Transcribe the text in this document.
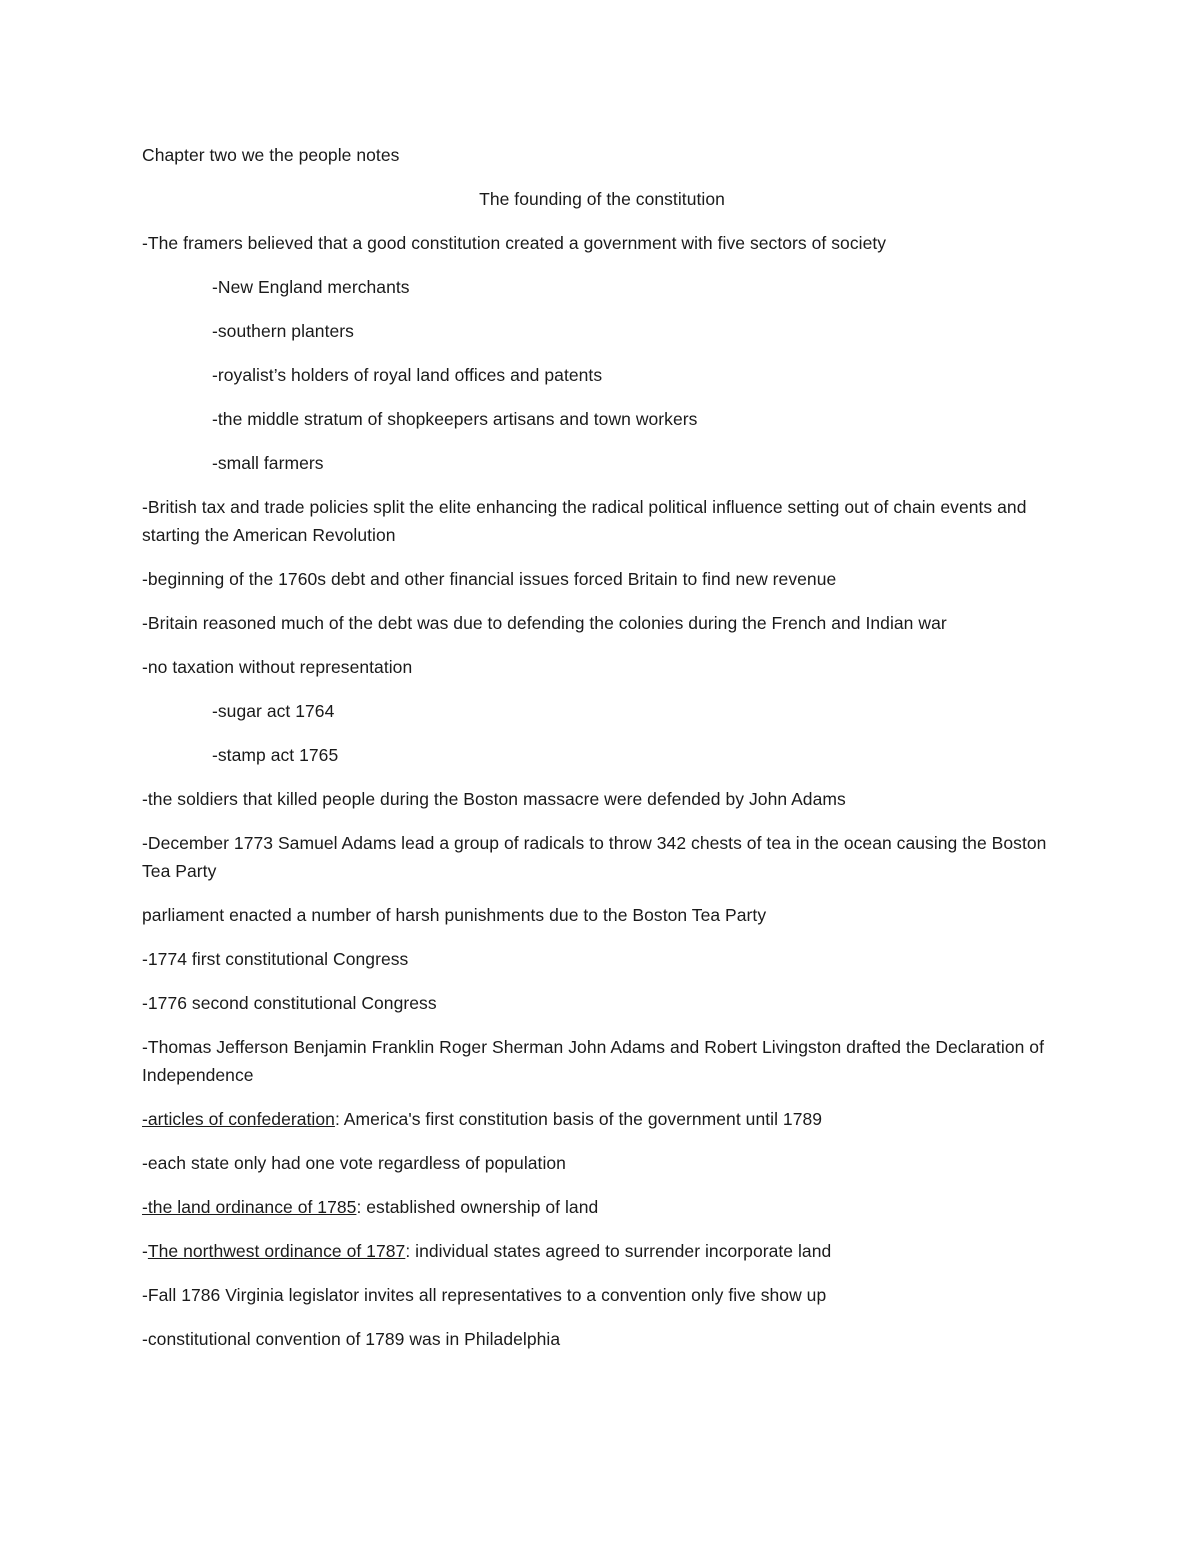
Chapter two we the people notes

The founding of the constitution

-The framers believed that a good constitution created a government with five sectors of society

-New England merchants

-southern planters

-royalist’s holders of royal land offices and patents

-the middle stratum of shopkeepers artisans and town workers

-small farmers

-British tax and trade policies split the elite enhancing the radical political influence setting out of chain events and starting the American Revolution

-beginning of the 1760s debt and other financial issues forced Britain to find new revenue

-Britain reasoned much of the debt was due to defending the colonies during the French and Indian war

-no taxation without representation

-sugar act 1764

-stamp act 1765

-the soldiers that killed people during the Boston massacre were defended by John Adams

-December 1773 Samuel Adams lead a group of radicals to throw 342 chests of tea in the ocean causing the Boston Tea Party

parliament enacted a number of harsh punishments due to the Boston Tea Party

-1774 first constitutional Congress

-1776 second constitutional Congress

-Thomas Jefferson Benjamin Franklin Roger Sherman John Adams and Robert Livingston drafted the Declaration of Independence

-articles of confederation: America's first constitution basis of the government until 1789

-each state only had one vote regardless of population

-the land ordinance of 1785: established ownership of land

-The northwest ordinance of 1787: individual states agreed to surrender incorporate land

-Fall 1786 Virginia legislator invites all representatives to a convention only five show up

-constitutional convention of 1789 was in Philadelphia
